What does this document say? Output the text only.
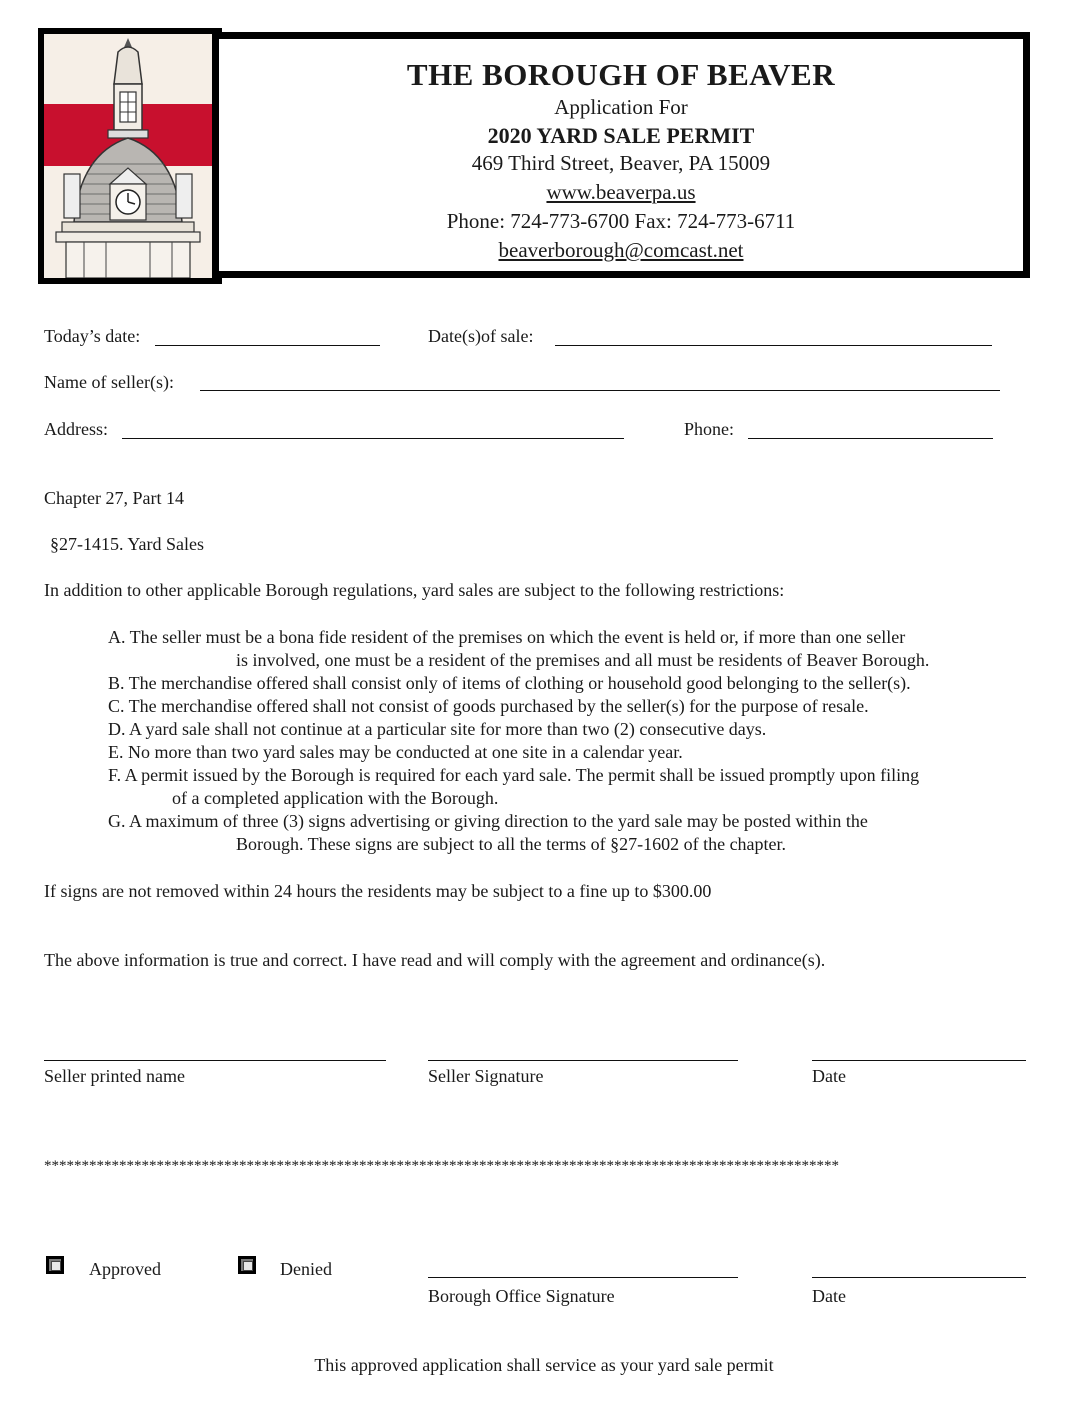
THE BOROUGH OF BEAVER
Application For
2020 YARD SALE PERMIT
469 Third Street, Beaver, PA 15009
www.beaverpa.us
Phone: 724-773-6700 Fax: 724-773-6711
beaverborough@comcast.net
Today’s date:	Date(s)of sale:
Name of seller(s):
Address:	Phone:
Chapter 27, Part 14
§27-1415. Yard Sales
In addition to other applicable Borough regulations, yard sales are subject to the following restrictions:
A. The seller must be a bona fide resident of the premises on which the event is held or, if more than one seller
is involved, one must be a resident of the premises and all must be residents of Beaver Borough.
B. The merchandise offered shall consist only of items of clothing or household good belonging to the seller(s).
C. The merchandise offered shall not consist of goods purchased by the seller(s) for the purpose of resale.
D. A yard sale shall not continue at a particular site for more than two (2) consecutive days.
E. No more than two yard sales may be conducted at one site in a calendar year.
F. A permit issued by the Borough is required for each yard sale. The permit shall be issued promptly upon filing
of a completed application with the Borough.
G. A maximum of three (3) signs advertising or giving direction to the yard sale may be posted within the
Borough. These signs are subject to all the terms of §27-1602 of the chapter.
If signs are not removed within 24 hours the residents may be subject to a fine up to $300.00
The above information is true and correct. I have read and will comply with the agreement and ordinance(s).
Seller printed name	Seller Signature	Date
**********************************************************************************************************
Approved	Denied
Borough Office Signature	Date
This approved application shall service as your yard sale permit
